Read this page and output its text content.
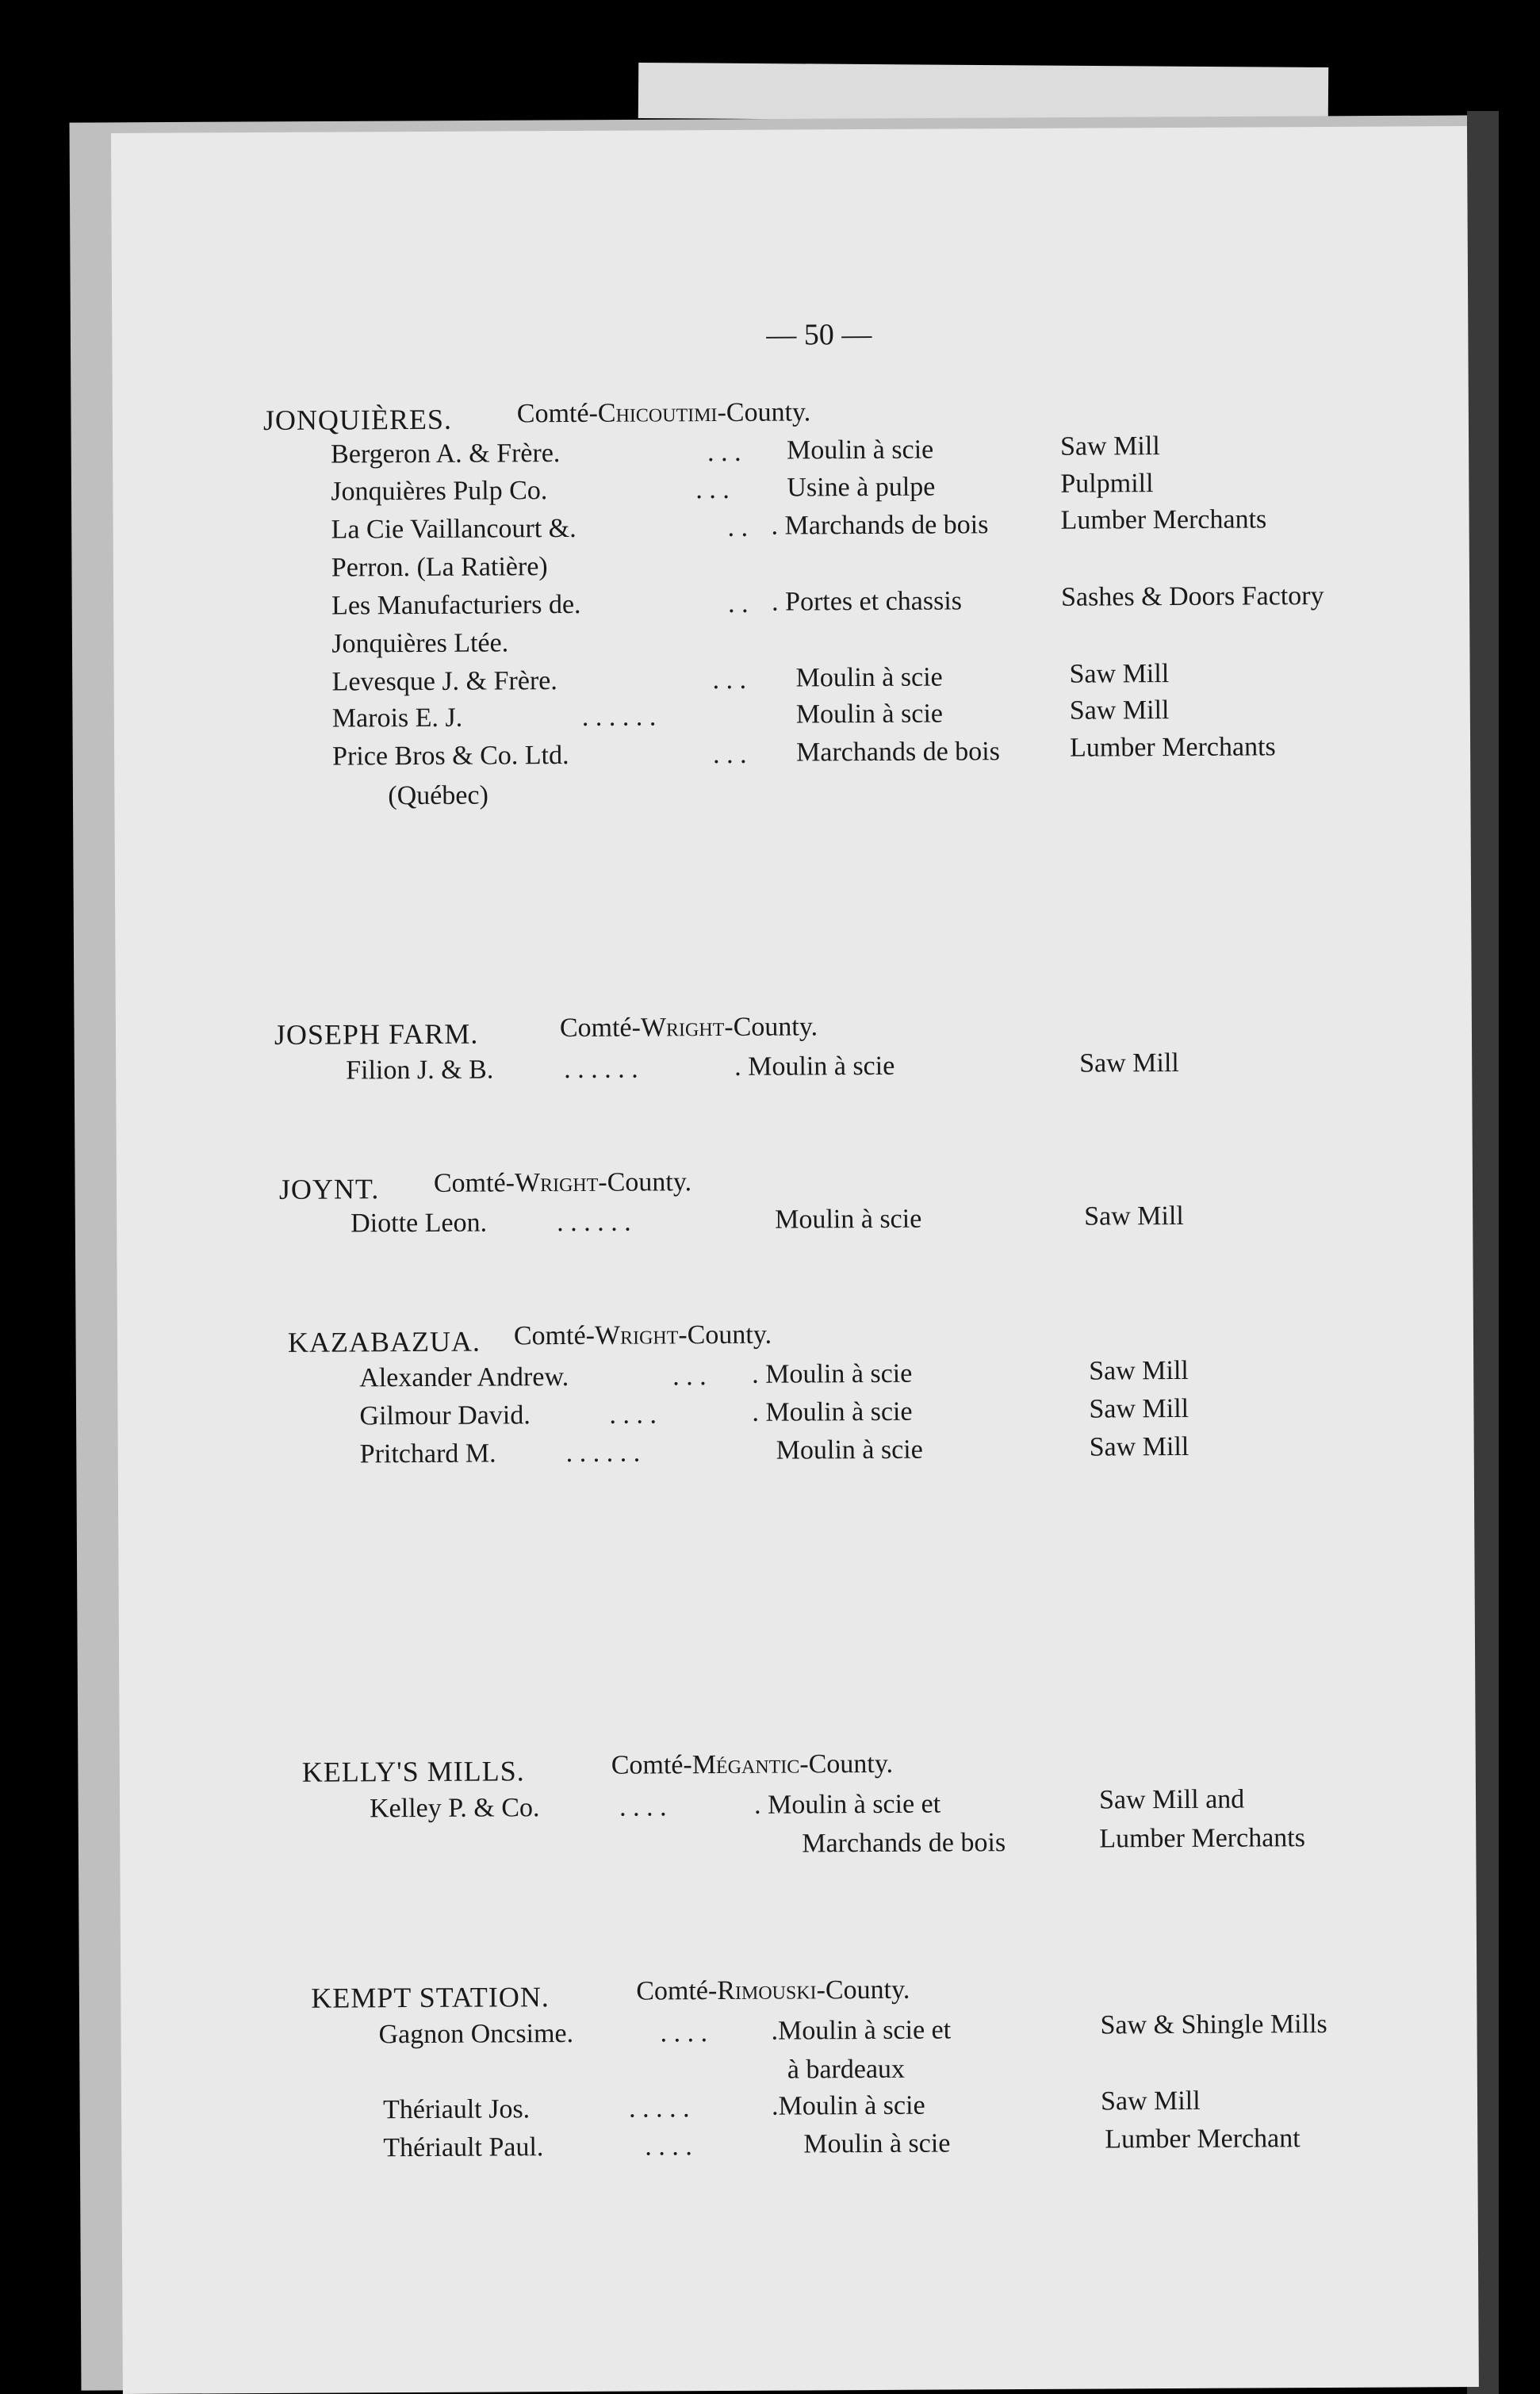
— 50 —
JONQUIÈRES. Comté-Chicoutimi-County.
Bergeron A. & Frère.	. . . Moulin à scie	Saw Mill
Jonquières Pulp Co.	. . . Usine à pulpe	Pulpmill
La Cie Vaillancourt &.	. . . Marchands de bois	Lumber Merchants
Perron. (La Ratière)
Les Manufacturiers de.	. . . Portes et chassis	Sashes & Doors Factory
Jonquières Ltée.
Levesque J. & Frère.	. . . Moulin à scie	Saw Mill
Marois E. J.	. . . . . .	Moulin à scie	Saw Mill
Price Bros & Co. Ltd.	. . . Marchands de bois	Lumber Merchants
(Québec)
JOSEPH FARM.	Comté-Wright-County.
Filion J. & B.	. . . . . .	. Moulin à scie	Saw Mill
JOYNT. Comté-Wright-County.
Diotte Leon.	. . . . . .	Moulin à scie	Saw Mill
KAZABAZUA. Comté-Wright-County.
Alexander Andrew.	. . . . Moulin à scie	Saw Mill
Gilmour David.	. . . .	. Moulin à scie	Saw Mill
Pritchard M.	. . . . . .	Moulin à scie	Saw Mill
KELLY'S MILLS.	Comté-Mégantic-County.
Kelley P. & Co.	. . . .	. Moulin à scie et	Saw Mill and
Marchands de bois	Lumber Merchants
KEMPT STATION.	Comté-Rimouski-County.
Gagnon Oncsime.	. . . . .Moulin à scie et	Saw & Shingle Mills
à bardeaux
Thériault Jos.	. . . . .	.Moulin à scie	Saw Mill
Thériault Paul.	. . . .	Moulin à scie	Lumber Merchant
